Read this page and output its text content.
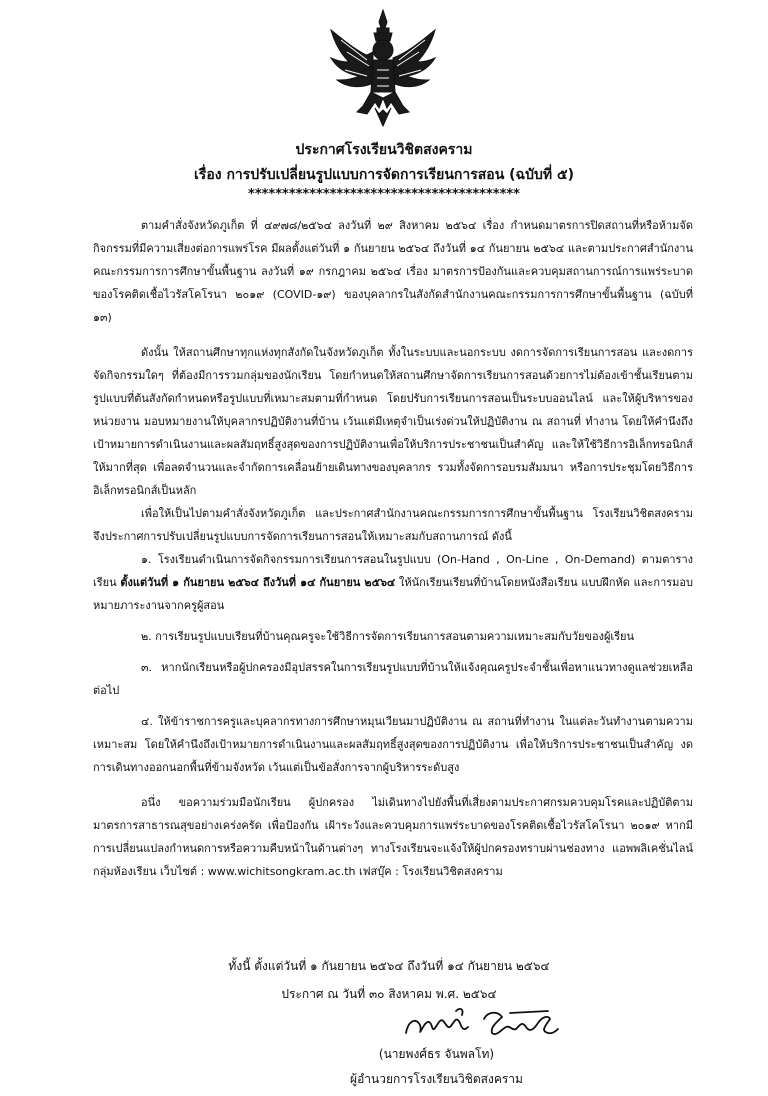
ประกาศโรงเรียนวิชิตสงคราม
เรื่อง การปรับเปลี่ยนรูปแบบการจัดการเรียนการสอน (ฉบับที่ ๕)
****************************************

ตามคำสั่งจังหวัดภูเก็ต ที่ ๔๙๗๘/๒๕๖๔ ลงวันที่ ๒๙ สิงหาคม ๒๕๖๔ เรื่อง กำหนดมาตรการปิดสถานที่หรือห้ามจัดกิจกรรมที่มีความเสี่ยงต่อการแพร่โรค มีผลตั้งแต่วันที่ ๑ กันยายน ๒๕๖๔ ถึงวันที่ ๑๔ กันยายน ๒๕๖๔ และตามประกาศสำนักงานคณะกรรมการการศึกษาขั้นพื้นฐาน ลงวันที่ ๑๙ กรกฎาคม ๒๕๖๔ เรื่อง มาตรการป้องกันและควบคุมสถานการณ์การแพร่ระบาดของโรคติดเชื้อไวรัสโคโรนา ๒๐๑๙ (COVID-๑๙) ของบุคลากรในสังกัดสำนักงานคณะกรรมการการศึกษาขั้นพื้นฐาน (ฉบับที่ ๑๓)

ดังนั้น ให้สถานศึกษาทุกแห่งทุกสังกัดในจังหวัดภูเก็ต ทั้งในระบบและนอกระบบ งดการจัดการเรียนการสอน และงดการจัดกิจกรรมใดๆ ที่ต้องมีการรวมกลุ่มของนักเรียน โดยกำหนดให้สถานศึกษาจัดการเรียนการสอนด้วยการไม่ต้องเข้าชั้นเรียนตามรูปแบบที่ต้นสังกัดกำหนดหรือรูปแบบที่เหมาะสมตามที่กำหนด โดยปรับการเรียนการสอนเป็นระบบออนไลน์ และให้ผู้บริหารของหน่วยงาน มอบหมายงานให้บุคลากรปฏิบัติงานที่บ้าน เว้นแต่มีเหตุจำเป็นเร่งด่วนให้ปฏิบัติงาน ณ สถานที่ ทำงาน โดยให้คำนึงถึงเป้าหมายการดำเนินงานและผลสัมฤทธิ์สูงสุดของการปฏิบัติงานเพื่อให้บริการประชาชนเป็นสำคัญ และให้ใช้วิธีการอิเล็กทรอนิกส์ให้มากที่สุด เพื่อลดจำนวนและจำกัดการเคลื่อนย้ายเดินทางของบุคลากร รวมทั้งจัดการอบรมสัมมนา หรือการประชุมโดยวิธีการอิเล็กทรอนิกส์เป็นหลัก

เพื่อให้เป็นไปตามคำสั่งจังหวัดภูเก็ต และประกาศสำนักงานคณะกรรมการการศึกษาขั้นพื้นฐาน โรงเรียนวิชิตสงคราม จึงประกาศการปรับเปลี่ยนรูปแบบการจัดการเรียนการสอนให้เหมาะสมกับสถานการณ์ ดังนี้

๑. โรงเรียนดำเนินการจัดกิจกรรมการเรียนการสอนในรูปแบบ (On-Hand , On-Line , On-Demand) ตามตารางเรียน ตั้งแต่วันที่ ๑ กันยายน ๒๕๖๔ ถึงวันที่ ๑๔ กันยายน ๒๕๖๔ ให้นักเรียนเรียนที่บ้านโดยหนังสือเรียน แบบฝึกหัด และการมอบหมายภาระงานจากครูผู้สอน

๒. การเรียนรูปแบบเรียนที่บ้านคุณครูจะใช้วิธีการจัดการเรียนการสอนตามความเหมาะสมกับวัยของผู้เรียน

๓. หากนักเรียนหรือผู้ปกครองมีอุปสรรคในการเรียนรูปแบบที่บ้านให้แจ้งคุณครูประจำชั้นเพื่อหาแนวทางดูแลช่วยเหลือต่อไป

๔. ให้ข้าราชการครูและบุคลากรทางการศึกษาหมุนเวียนมาปฏิบัติงาน ณ สถานที่ทำงาน ในแต่ละวันทำงานตามความเหมาะสม โดยให้คำนึงถึงเป้าหมายการดำเนินงานและผลสัมฤทธิ์สูงสุดของการปฏิบัติงาน เพื่อให้บริการประชาชนเป็นสำคัญ งดการเดินทางออกนอกพื้นที่ข้ามจังหวัด เว้นแต่เป็นข้อสั่งการจากผู้บริหารระดับสูง

อนึ่ง ขอความร่วมมือนักเรียน ผู้ปกครอง ไม่เดินทางไปยังพื้นที่เสี่ยงตามประกาศกรมควบคุมโรคและปฏิบัติตามมาตรการสาธารณสุขอย่างเคร่งครัด เพื่อป้องกัน เฝ้าระวังและควบคุมการแพร่ระบาดของโรคติดเชื้อไวรัสโคโรนา ๒๐๑๙ หากมีการเปลี่ยนแปลงกำหนดการหรือความคืบหน้าในด้านต่างๆ ทางโรงเรียนจะแจ้งให้ผู้ปกครองทราบผ่านช่องทาง แอพพลิเคชั่นไลน์ กลุ่มห้องเรียน เว็บไซต์ : www.wichitsongkram.ac.th เฟสบุ๊ค : โรงเรียนวิชิตสงคราม

ทั้งนี้ ตั้งแต่วันที่ ๑ กันยายน ๒๕๖๔ ถึงวันที่ ๑๔ กันยายน ๒๕๖๔
ประกาศ ณ วันที่ ๓๐ สิงหาคม พ.ศ. ๒๕๖๔
(นายพงศ์ธร จันพลโท)
ผู้อำนวยการโรงเรียนวิชิตสงคราม
